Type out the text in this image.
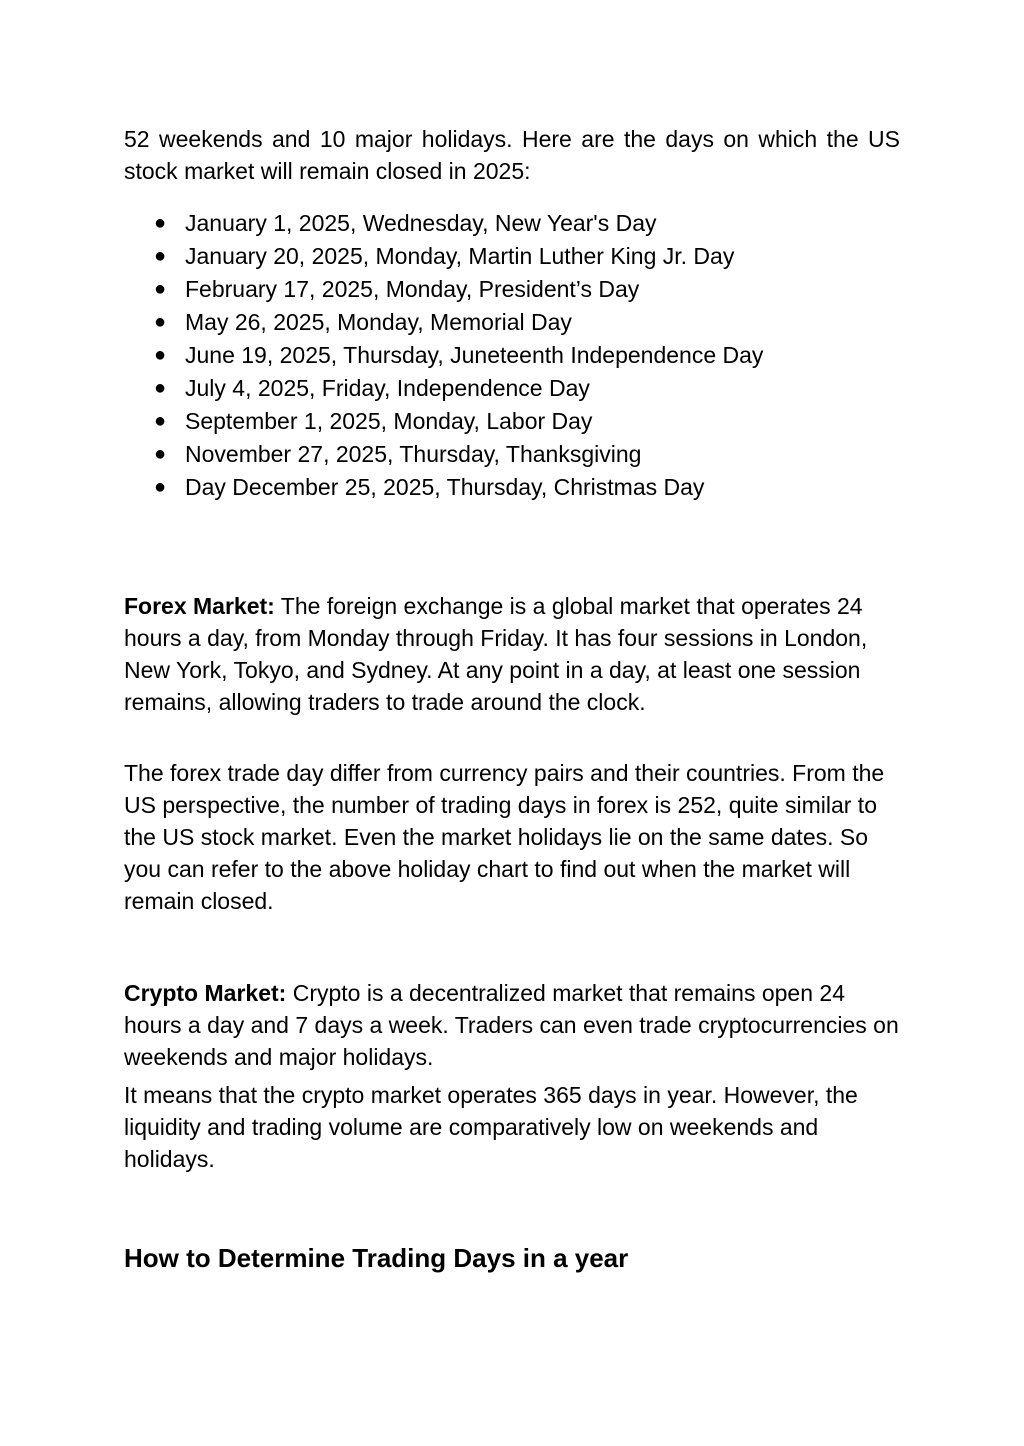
52 weekends and 10 major holidays. Here are the days on which the US stock market will remain closed in 2025:

● January 1, 2025, Wednesday, New Year's Day
● January 20, 2025, Monday, Martin Luther King Jr. Day
● February 17, 2025, Monday, President’s Day
● May 26, 2025, Monday, Memorial Day
● June 19, 2025, Thursday, Juneteenth Independence Day
● July 4, 2025, Friday, Independence Day
● September 1, 2025, Monday, Labor Day
● November 27, 2025, Thursday, Thanksgiving
● Day December 25, 2025, Thursday, Christmas Day

Forex Market: The foreign exchange is a global market that operates 24 hours a day, from Monday through Friday. It has four sessions in London, New York, Tokyo, and Sydney. At any point in a day, at least one session remains, allowing traders to trade around the clock.

The forex trade day differ from currency pairs and their countries. From the US perspective, the number of trading days in forex is 252, quite similar to the US stock market. Even the market holidays lie on the same dates. So you can refer to the above holiday chart to find out when the market will remain closed.

Crypto Market: Crypto is a decentralized market that remains open 24 hours a day and 7 days a week. Traders can even trade cryptocurrencies on weekends and major holidays.

It means that the crypto market operates 365 days in year. However, the liquidity and trading volume are comparatively low on weekends and holidays.

How to Determine Trading Days in a year
